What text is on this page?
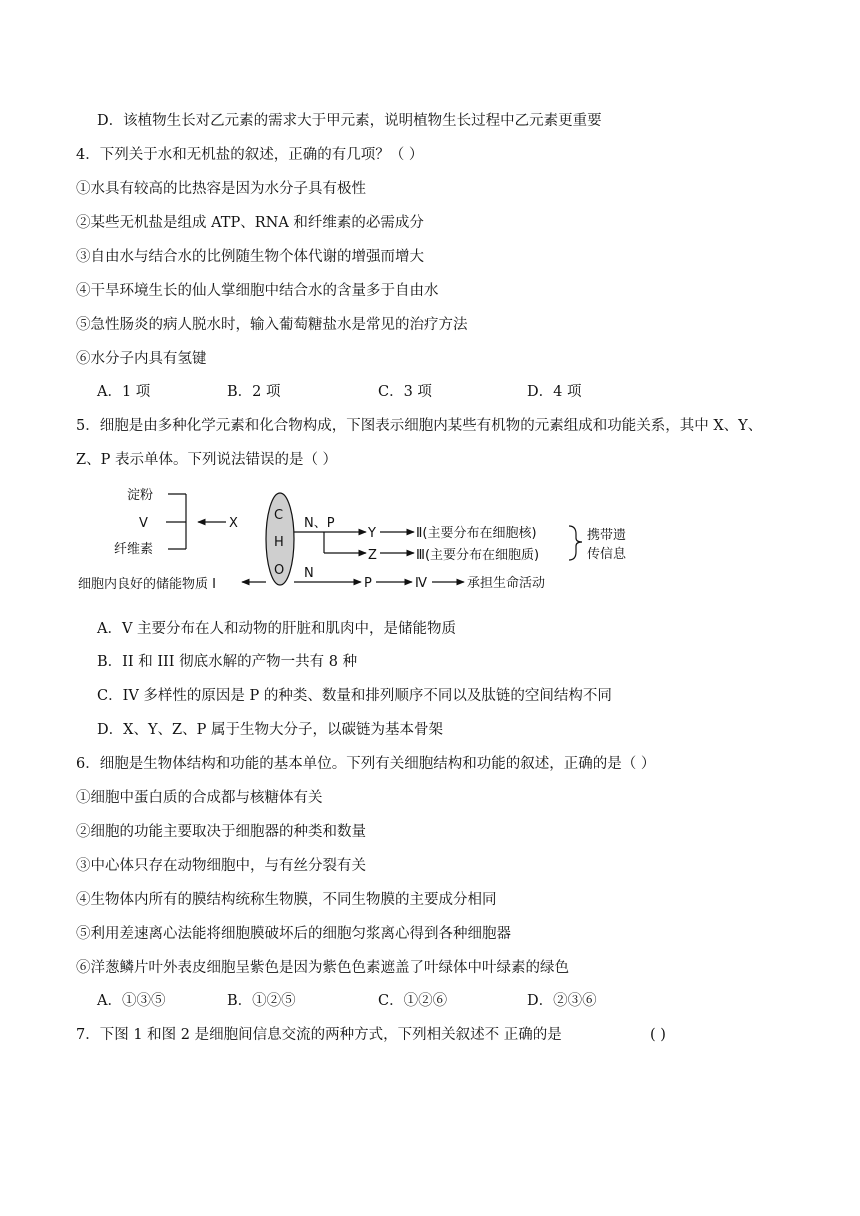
D．该植物生长对乙元素的需求大于甲元素，说明植物生长过程中乙元素更重要
4．下列关于水和无机盐的叙述，正确的有几项？（ ）
①水具有较高的比热容是因为水分子具有极性
②某些无机盐是组成 ATP、RNA 和纤维素的必需成分
③自由水与结合水的比例随生物个体代谢的增强而增大
④干旱环境生长的仙人掌细胞中结合水的含量多于自由水
⑤急性肠炎的病人脱水时，输入葡萄糖盐水是常见的治疗方法
⑥水分子内具有氢键
A．1 项	B．2 项	C．3 项	D．4 项
5．细胞是由多种化学元素和化合物构成，下图表示细胞内某些有机物的元素组成和功能关系，其中 X、Y、
Z、P 表示单体。下列说法错误的是（ ）
淀粉
V
纤维素
细胞内良好的储能物质 I
X
C
H
O
N、P
Y
Z
Ⅱ(主要分布在细胞核)
Ⅲ(主要分布在细胞质)
携带遗
传信息
N
P	Ⅳ	承担生命活动
A．V 主要分布在人和动物的肝脏和肌肉中，是储能物质
B．II 和 III 彻底水解的产物一共有 8 种
C．IV 多样性的原因是 P 的种类、数量和排列顺序不同以及肽链的空间结构不同
D．X、Y、Z、P 属于生物大分子，以碳链为基本骨架
6．细胞是生物体结构和功能的基本单位。下列有关细胞结构和功能的叙述，正确的是（ ）
①细胞中蛋白质的合成都与核糖体有关
②细胞的功能主要取决于细胞器的种类和数量
③中心体只存在动物细胞中，与有丝分裂有关
④生物体内所有的膜结构统称生物膜，不同生物膜的主要成分相同
⑤利用差速离心法能将细胞膜破坏后的细胞匀浆离心得到各种细胞器
⑥洋葱鳞片叶外表皮细胞呈紫色是因为紫色色素遮盖了叶绿体中叶绿素的绿色
A．①③⑤	B．①②⑤	C．①②⑥	D．②③⑥
7．下图 1 和图 2 是细胞间信息交流的两种方式，下列相关叙述不 正确的是	( )
